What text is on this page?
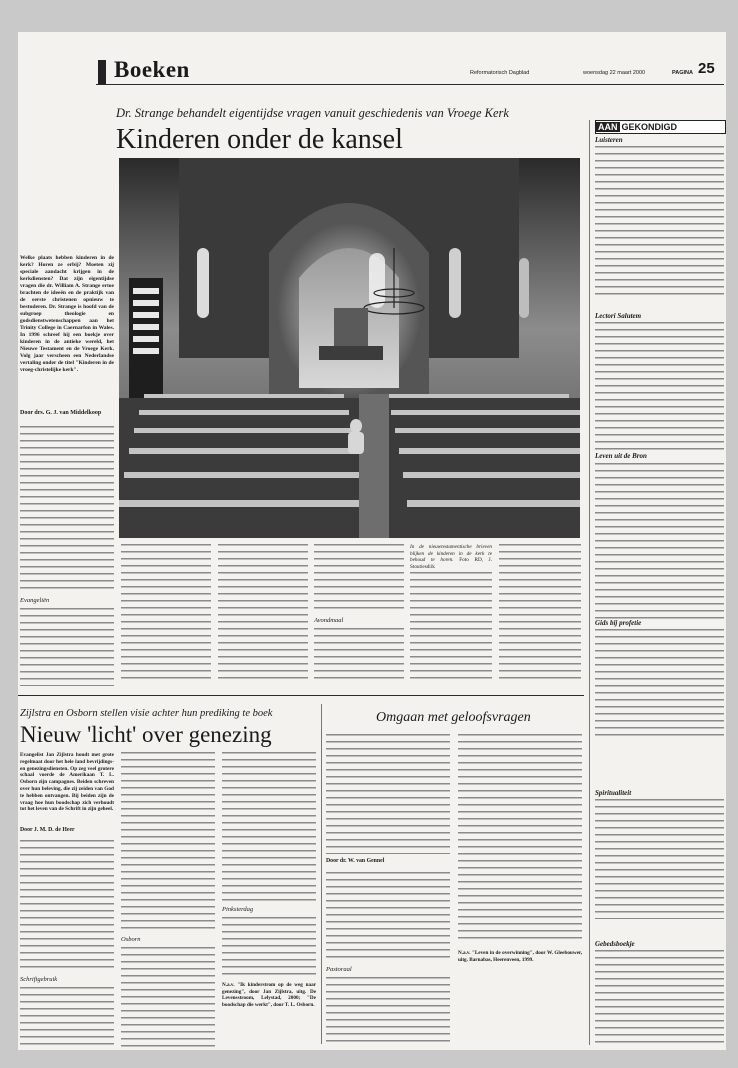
Boeken	Reformatorisch Dagblad	woensdag 22 maart 2000	PAGINA 25
Dr. Strange behandelt eigentijdse vragen vanuit geschiedenis van Vroege Kerk
Kinderen onder de kansel
Welke plaats hebben kinderen in de kerk? Horen ze erbij? Moeten zij speciale aandacht krijgen in de kerkdiensten? Dat zijn eigentijdse vragen die dr. William A. Strange ertoe brachten de ideeën en de praktijk van de eerste christenen opnieuw te bestuderen. Dr. Strange is hoofd van de subgroep theologie en godsdienstwetenschappen aan het Trinity College in Caernarfon in Wales. In 1996 schreef hij een boekje over kinderen in de antieke wereld, het Nieuwe Testament en de Vroege Kerk. Volg jaar verscheen een Nederlandse vertaling onder de titel "Kinderen in de vroeg-christelijke kerk".
Door drs. G. J. van Middelkoop
Evangeliën
Avondmaal
In de nieuwtestamentische brieven blijken de kinderen in de kerk te behoud te horen. Foto RD, J. Stoutjesdijk
AAN GEKONDIGD
Luisteren
Lectori Salutem
Leven uit de Bron
Gids bij profetie
Spiritualiteit
Gebedsboekje
Zijlstra en Osborn stellen visie achter hun prediking te boek
Nieuw 'licht' over genezing
Evangelist Jan Zijlstra houdt met grote regelmaat door het hele land bevrijdings- en genezingsdiensten. Op zeg veel grotere schaal voerde de Amerikaan T. L. Osborn zijn campagnes. Beiden schreven over hun beleving, die zij zeiden van God te hebben ontvangen. Bij beiden zijn de vraag hoe hun boodschap zich verhoudt tot het leven van de Schrift in zijn geheel.
Door J. M. D. de Heer
Schriftgebruik
Osborn
Pinksterdag
N.a.v. "Ik kinderstrom op de weg naar genezing", door Jan Zijlstra, uitg. De Levensstroom, Lelystad, 2000; "De boodschap die werkt", door T. L. Osborn.
Omgaan met geloofsvragen
Door dr. W. van Gennel
Pastoraal
N.a.v. "Leven in de overwinning", door W. Gleebouwer, uitg. Barnabas, Heerenveen, 1999.
